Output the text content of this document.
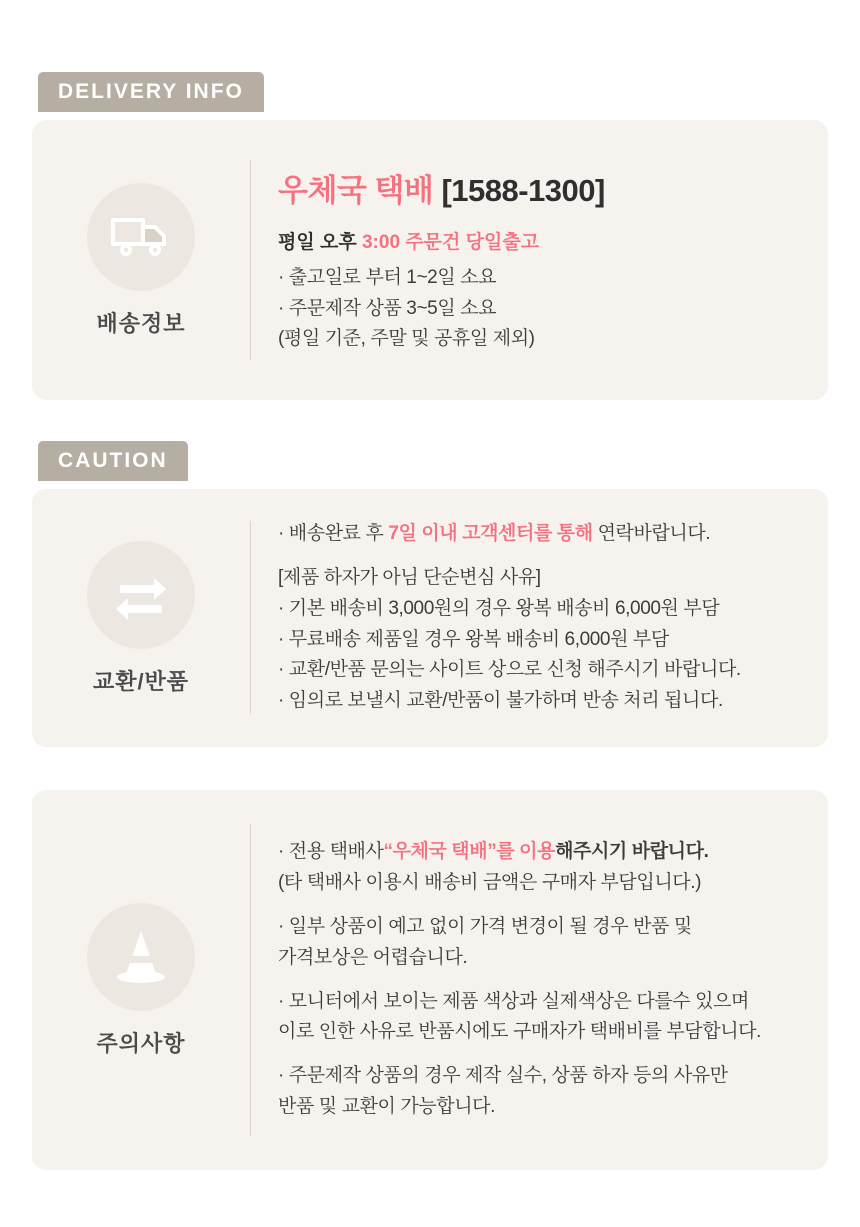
DELIVERY INFO
배송정보
우체국 택배 [1588-1300]
평일 오후 3:00 주문건 당일출고
· 출고일로 부터 1~2일 소요
· 주문제작 상품 3~5일 소요
(평일 기준, 주말 및 공휴일 제외)
CAUTION
교환/반품
· 배송완료 후 7일 이내 고객센터를 통해 연락바랍니다.
[제품 하자가 아님 단순변심 사유]
· 기본 배송비 3,000원의 경우 왕복 배송비 6,000원 부담
· 무료배송 제품일 경우 왕복 배송비 6,000원 부담
· 교환/반품 문의는 사이트 상으로 신청 해주시기 바랍니다.
· 임의로 보낼시 교환/반품이 불가하며 반송 처리 됩니다.
주의사항
· 전용 택배사“우체국 택배”를 이용해주시기 바랍니다.
(타 택배사 이용시 배송비 금액은 구매자 부담입니다.)
· 일부 상품이 예고 없이 가격 변경이 될 경우 반품 및
가격보상은 어렵습니다.
· 모니터에서 보이는 제품 색상과 실제색상은 다를수 있으며
이로 인한 사유로 반품시에도 구매자가 택배비를 부담합니다.
· 주문제작 상품의 경우 제작 실수, 상품 하자 등의 사유만
반품 및 교환이 가능합니다.
